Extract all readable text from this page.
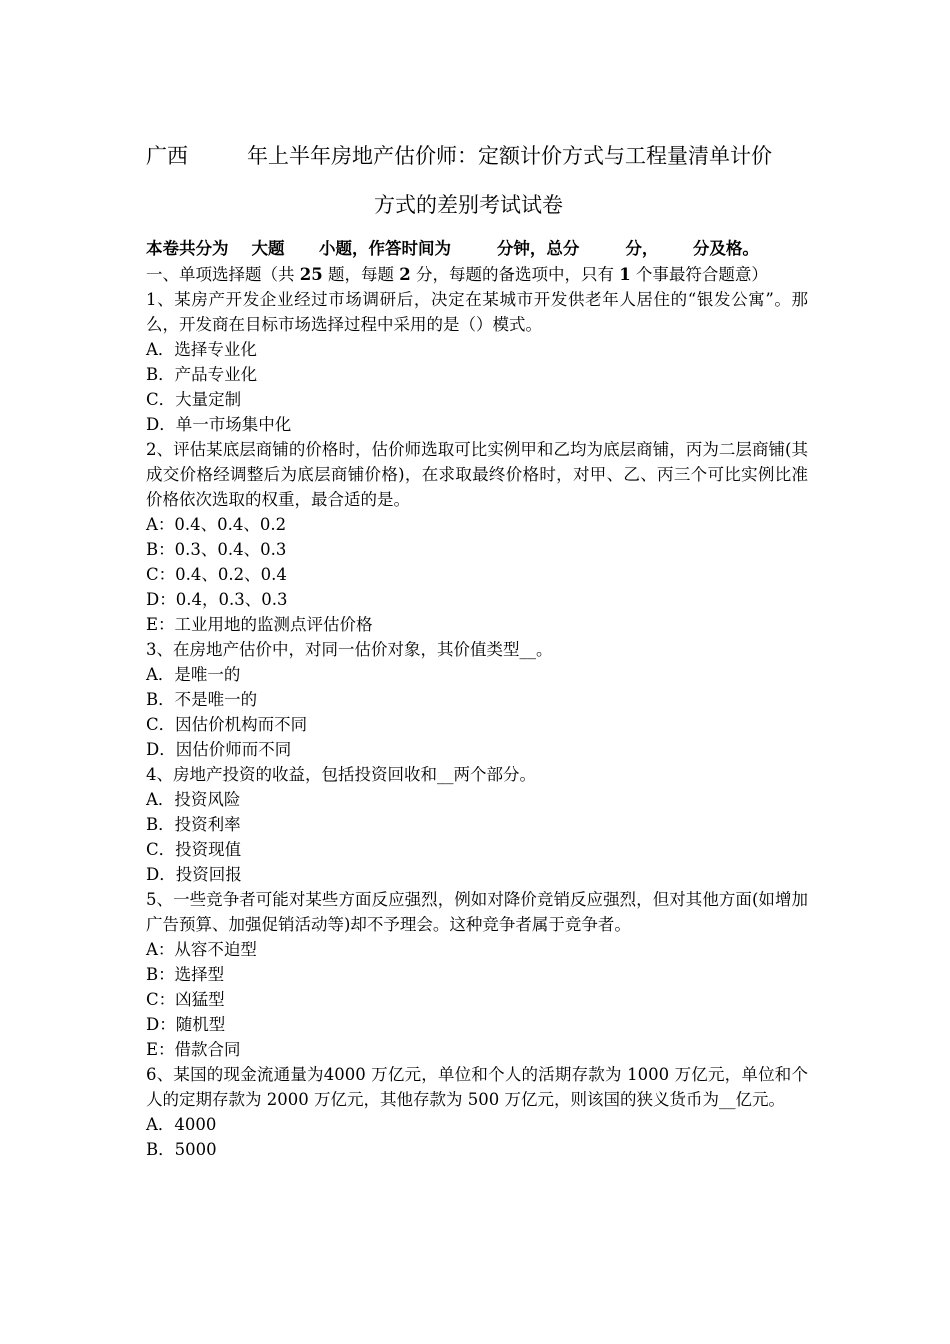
广西	年上半年房地产估价师：定额计价方式与工程量清单计价
方式的差别考试试卷
本卷共分为    大题      小题，作答时间为        分钟，总分        分，      分及格。

一、单项选择题（共 25 题，每题 2 分，每题的备选项中，只有 1 个事最符合题意）

1、某房产开发企业经过市场调研后，决定在某城市开发供老年人居住的“银发公寓”。那么，开发商在目标市场选择过程中采用的是（）模式。

A．选择专业化

B．产品专业化

C．大量定制

D．单一市场集中化

2、评估某底层商铺的价格时，估价师选取可比实例甲和乙均为底层商铺，丙为二层商铺(其成交价格经调整后为底层商铺价格)，在求取最终价格时，对甲、乙、丙三个可比实例比准价格依次选取的权重，最合适的是。

A：0.4、0.4、0.2

B：0.3、0.4、0.3

C：0.4、0.2、0.4

D：0.4，0.3、0.3

E：工业用地的监测点评估价格

3、在房地产估价中，对同一估价对象，其价值类型__。

A．是唯一的

B．不是唯一的

C．因估价机构而不同

D．因估价师而不同

4、房地产投资的收益，包括投资回收和__两个部分。

A．投资风险

B．投资利率

C．投资现值

D．投资回报

5、一些竞争者可能对某些方面反应强烈，例如对降价竞销反应强烈，但对其他方面(如增加广告预算、加强促销活动等)却不予理会。这种竞争者属于竞争者。

A：从容不迫型

B：选择型

C：凶猛型

D：随机型

E：借款合同

6、某国的现金流通量为4000 万亿元，单位和个人的活期存款为 1000 万亿元，单位和个人的定期存款为 2000 万亿元，其他存款为 500 万亿元，则该国的狭义货币为__亿元。

A．4000

B．5000
